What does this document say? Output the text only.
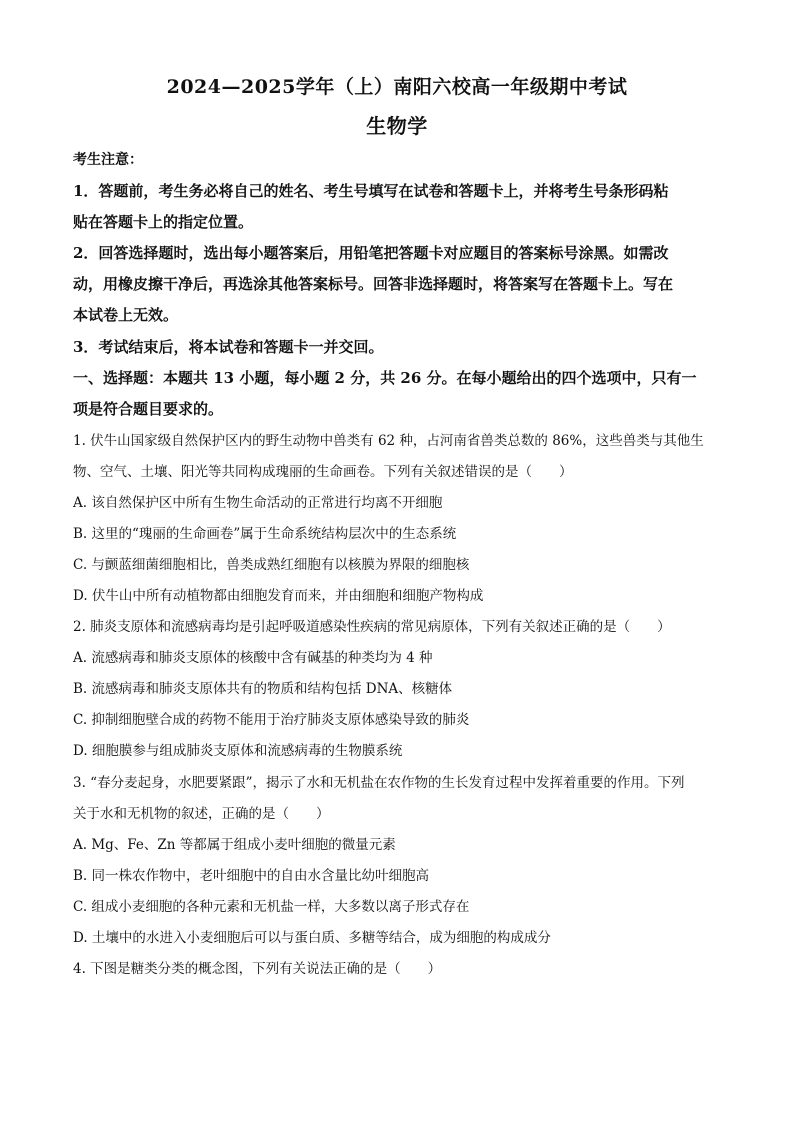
2024—2025学年（上）南阳六校高一年级期中考试
生物学
考生注意：
1．答题前，考生务必将自己的姓名、考生号填写在试卷和答题卡上，并将考生号条形码粘
贴在答题卡上的指定位置。
2．回答选择题时，选出每小题答案后，用铅笔把答题卡对应题目的答案标号涂黑。如需改
动，用橡皮擦干净后，再选涂其他答案标号。回答非选择题时，将答案写在答题卡上。写在
本试卷上无效。
3．考试结束后，将本试卷和答题卡一并交回。
一、选择题：本题共 13 小题，每小题 2 分，共 26 分。在每小题给出的四个选项中，只有一
项是符合题目要求的。
1. 伏牛山国家级自然保护区内的野生动物中兽类有 62 种，占河南省兽类总数的 86%，这些兽类与其他生
物、空气、土壤、阳光等共同构成瑰丽的生命画卷。下列有关叙述错误的是（　　）
A. 该自然保护区中所有生物生命活动的正常进行均离不开细胞
B. 这里的“瑰丽的生命画卷”属于生命系统结构层次中的生态系统
C. 与颤蓝细菌细胞相比，兽类成熟红细胞有以核膜为界限的细胞核
D. 伏牛山中所有动植物都由细胞发育而来，并由细胞和细胞产物构成
2. 肺炎支原体和流感病毒均是引起呼吸道感染性疾病的常见病原体，下列有关叙述正确的是（　　）
A. 流感病毒和肺炎支原体的核酸中含有碱基的种类均为 4 种
B. 流感病毒和肺炎支原体共有的物质和结构包括 DNA、核糖体
C. 抑制细胞壁合成的药物不能用于治疗肺炎支原体感染导致的肺炎
D. 细胞膜参与组成肺炎支原体和流感病毒的生物膜系统
3. “春分麦起身，水肥要紧跟”，揭示了水和无机盐在农作物的生长发育过程中发挥着重要的作用。下列
关于水和无机物的叙述，正确的是（　　）
A. Mg、Fe、Zn 等都属于组成小麦叶细胞的微量元素
B. 同一株农作物中，老叶细胞中的自由水含量比幼叶细胞高
C. 组成小麦细胞的各种元素和无机盐一样，大多数以离子形式存在
D. 土壤中的水进入小麦细胞后可以与蛋白质、多糖等结合，成为细胞的构成成分
4. 下图是糖类分类的概念图，下列有关说法正确的是（　　）
